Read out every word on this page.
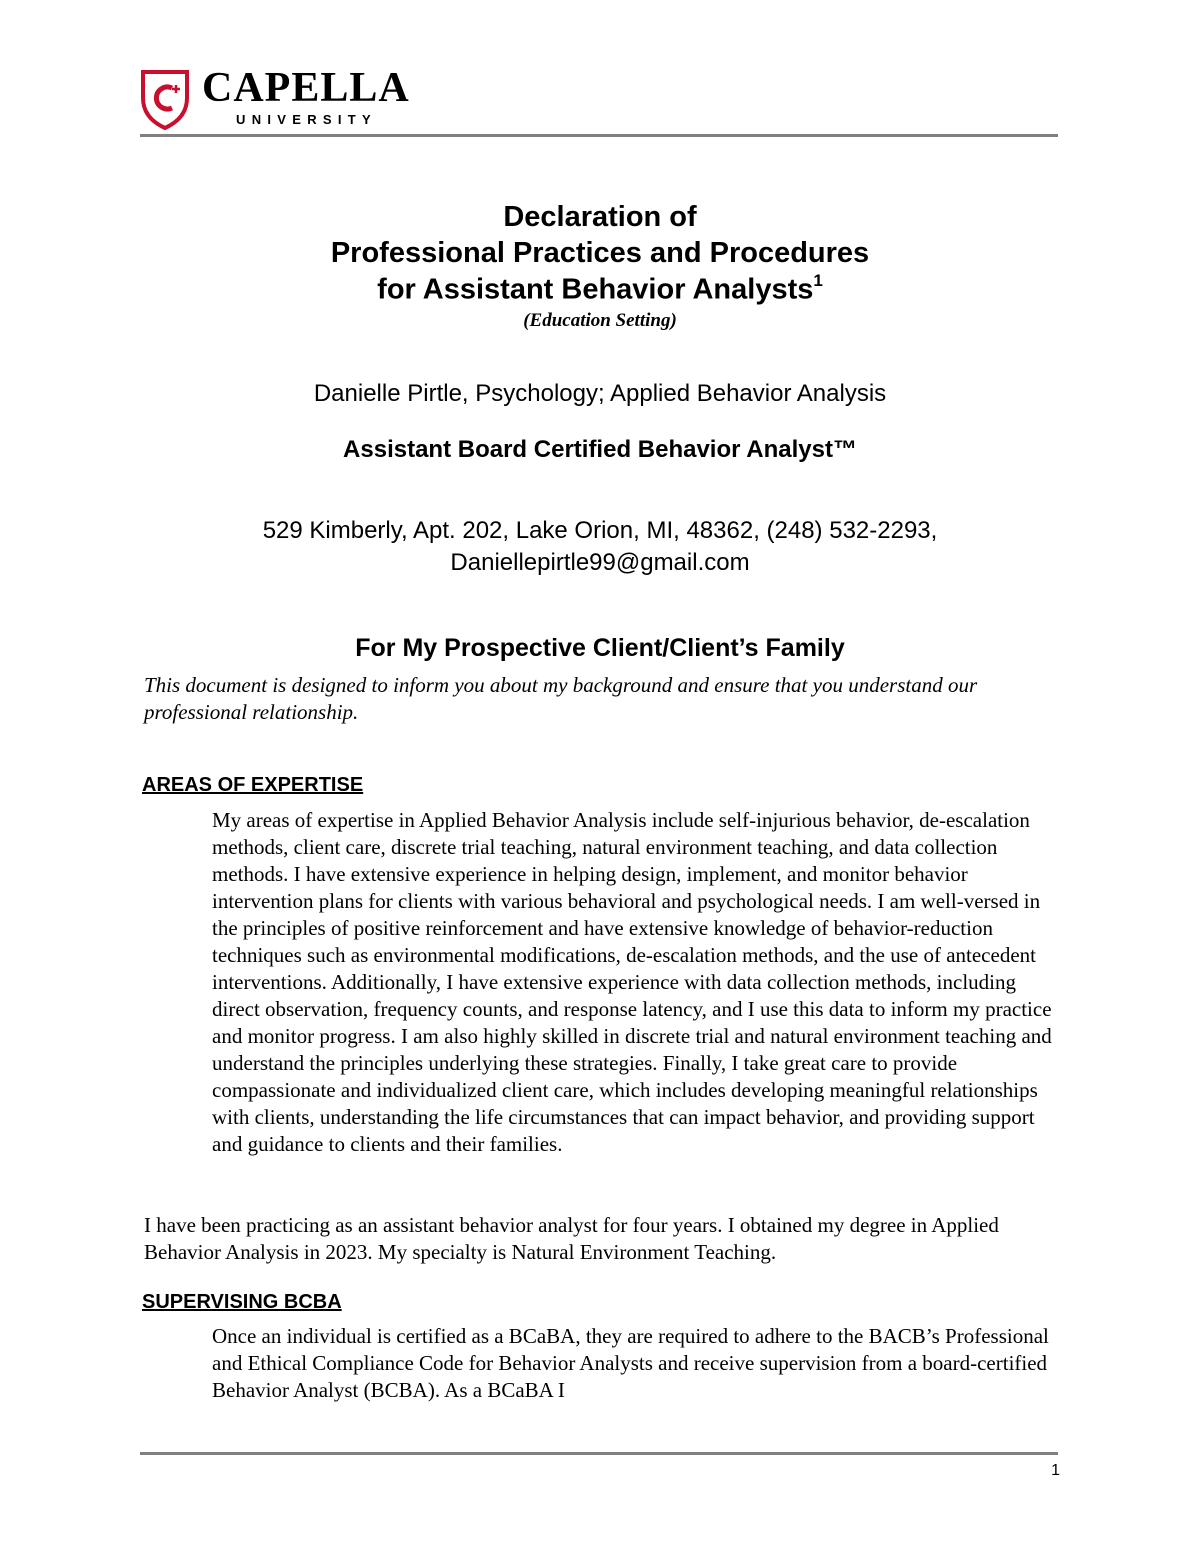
CAPELLA
UNIVERSITY
Declaration of
Professional Practices and Procedures
for Assistant Behavior Analysts$^1$
(Education Setting)
Danielle Pirtle, Psychology; Applied Behavior Analysis
Assistant Board Certified Behavior Analyst™
529 Kimberly, Apt. 202, Lake Orion, MI, 48362, (248) 532-2293,
Daniellepirtle99@gmail.com
For My Prospective Client/Client’s Family
This document is designed to inform you about my background and ensure that you understand our professional relationship.
AREAS OF EXPERTISE

My areas of expertise in Applied Behavior Analysis include self-injurious behavior, de-escalation methods, client care, discrete trial teaching, natural environment teaching, and data collection methods. I have extensive experience in helping design, implement, and monitor behavior intervention plans for clients with various behavioral and psychological needs. I am well-versed in the principles of positive reinforcement and have extensive knowledge of behavior-reduction techniques such as environmental modifications, de-escalation methods, and the use of antecedent interventions. Additionally, I have extensive experience with data collection methods, including direct observation, frequency counts, and response latency, and I use this data to inform my practice and monitor progress. I am also highly skilled in discrete trial and natural environment teaching and understand the principles underlying these strategies. Finally, I take great care to provide compassionate and individualized client care, which includes developing meaningful relationships with clients, understanding the life circumstances that can impact behavior, and providing support and guidance to clients and their families.

I have been practicing as an assistant behavior analyst for four years. I obtained my degree in Applied Behavior Analysis in 2023. My specialty is Natural Environment Teaching.

SUPERVISING BCBA

Once an individual is certified as a BCaBA, they are required to adhere to the BACB’s Professional and Ethical Compliance Code for Behavior Analysts and receive supervision from a board-certified Behavior Analyst (BCBA). As a BCaBA I

1
